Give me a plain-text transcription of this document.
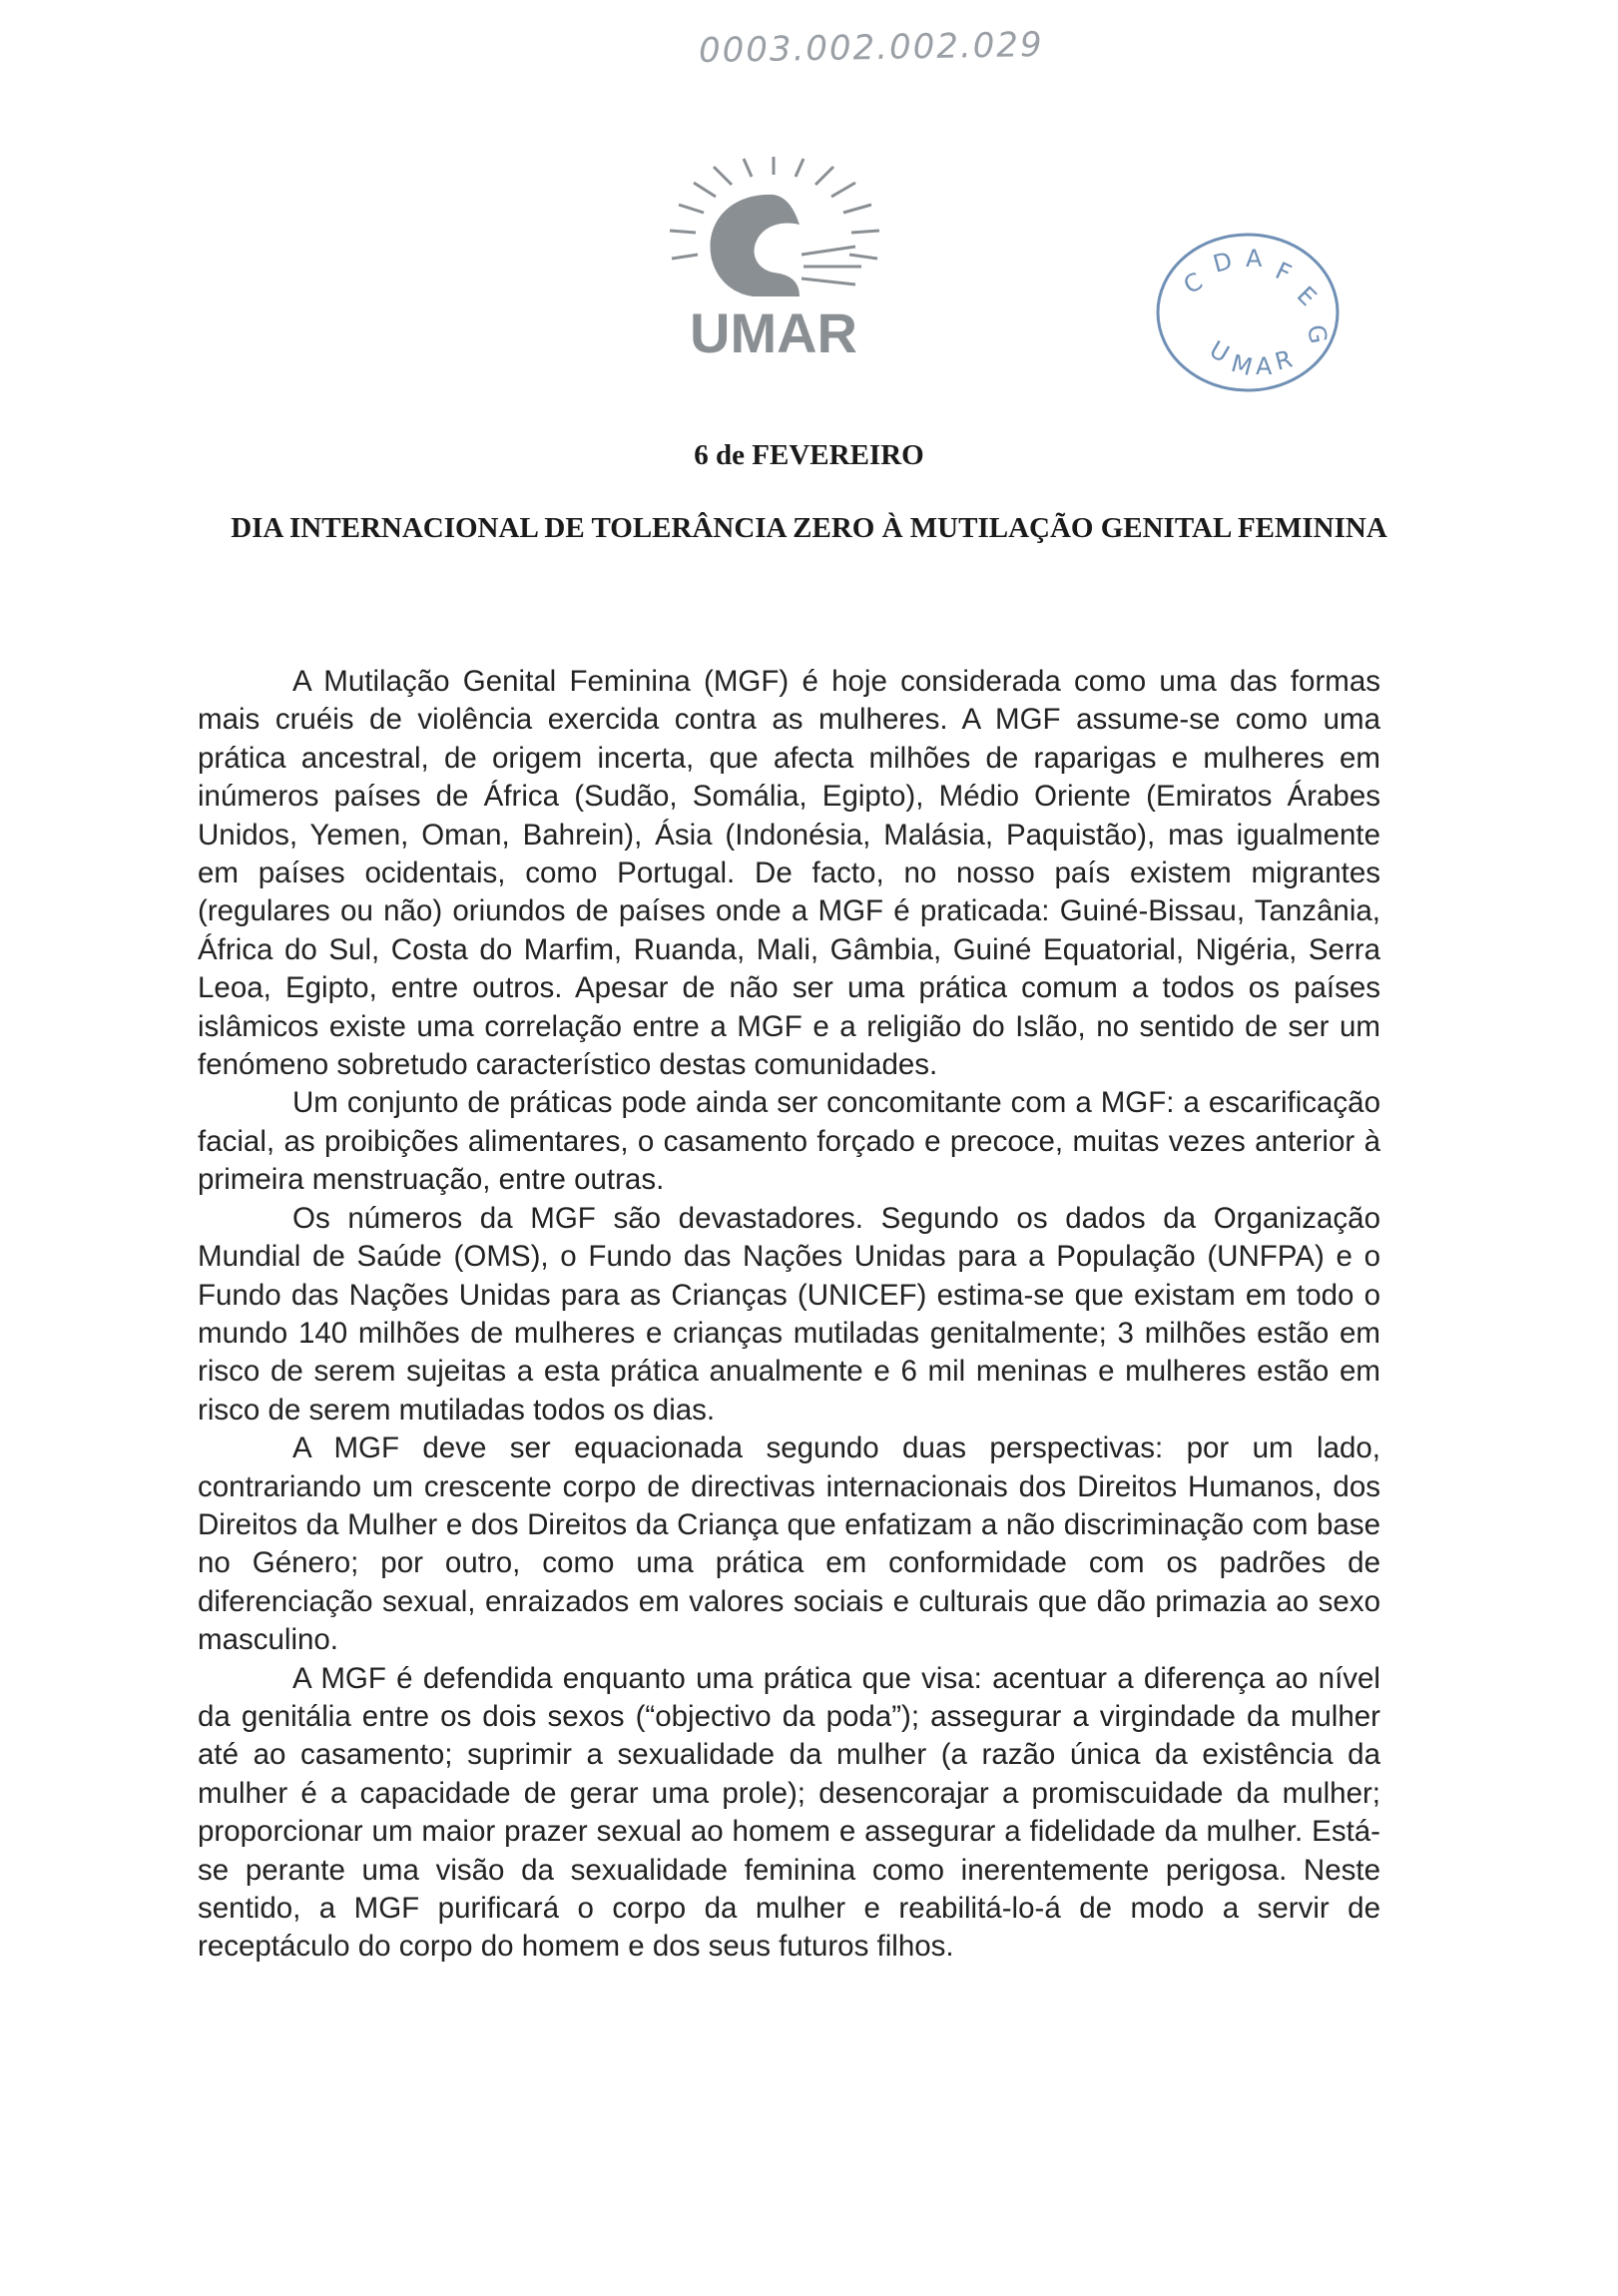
0003.002.002.029
UMAR
C
D A F
E
G
U
M A R
6 de FEVEREIRO
DIA INTERNACIONAL DE TOLERÂNCIA ZERO À MUTILAÇÃO GENITAL FEMININA

A Mutilação Genital Feminina (MGF) é hoje considerada como uma das formas mais cruéis de violência exercida contra as mulheres. A MGF assume-se como uma prática ancestral, de origem incerta, que afecta milhões de raparigas e mulheres em inúmeros países de África (Sudão, Somália, Egipto), Médio Oriente (Emiratos Árabes Unidos, Yemen, Oman, Bahrein), Ásia (Indonésia, Malásia, Paquistão), mas igualmente em países ocidentais, como Portugal. De facto, no nosso país existem migrantes (regulares ou não) oriundos de países onde a MGF é praticada: Guiné-Bissau, Tanzânia, África do Sul, Costa do Marfim, Ruanda, Mali, Gâmbia, Guiné Equatorial, Nigéria, Serra Leoa, Egipto, entre outros. Apesar de não ser uma prática comum a todos os países islâmicos existe uma correlação entre a MGF e a religião do Islão, no sentido de ser um fenómeno sobretudo característico destas comunidades.

Um conjunto de práticas pode ainda ser concomitante com a MGF: a escarificação facial, as proibições alimentares, o casamento forçado e precoce, muitas vezes anterior à primeira menstruação, entre outras.

Os números da MGF são devastadores. Segundo os dados da Organização Mundial de Saúde (OMS), o Fundo das Nações Unidas para a População (UNFPA) e o Fundo das Nações Unidas para as Crianças (UNICEF) estima-se que existam em todo o mundo 140 milhões de mulheres e crianças mutiladas genitalmente; 3 milhões estão em risco de serem sujeitas a esta prática anualmente e 6 mil meninas e mulheres estão em risco de serem mutiladas todos os dias.

A MGF deve ser equacionada segundo duas perspectivas: por um lado, contrariando um crescente corpo de directivas internacionais dos Direitos Humanos, dos Direitos da Mulher e dos Direitos da Criança que enfatizam a não discriminação com base no Género; por outro, como uma prática em conformidade com os padrões de diferenciação sexual, enraizados em valores sociais e culturais que dão primazia ao sexo masculino.

A MGF é defendida enquanto uma prática que visa: acentuar a diferença ao nível da genitália entre os dois sexos (“objectivo da poda”); assegurar a virgindade da mulher até ao casamento; suprimir a sexualidade da mulher (a razão única da existência da mulher é a capacidade de gerar uma prole); desencorajar a promiscuidade da mulher; proporcionar um maior prazer sexual ao homem e assegurar a fidelidade da mulher. Está-se perante uma visão da sexualidade feminina como inerentemente perigosa. Neste sentido, a MGF purificará o corpo da mulher e reabilitá-lo-á de modo a servir de receptáculo do corpo do homem e dos seus futuros filhos.
